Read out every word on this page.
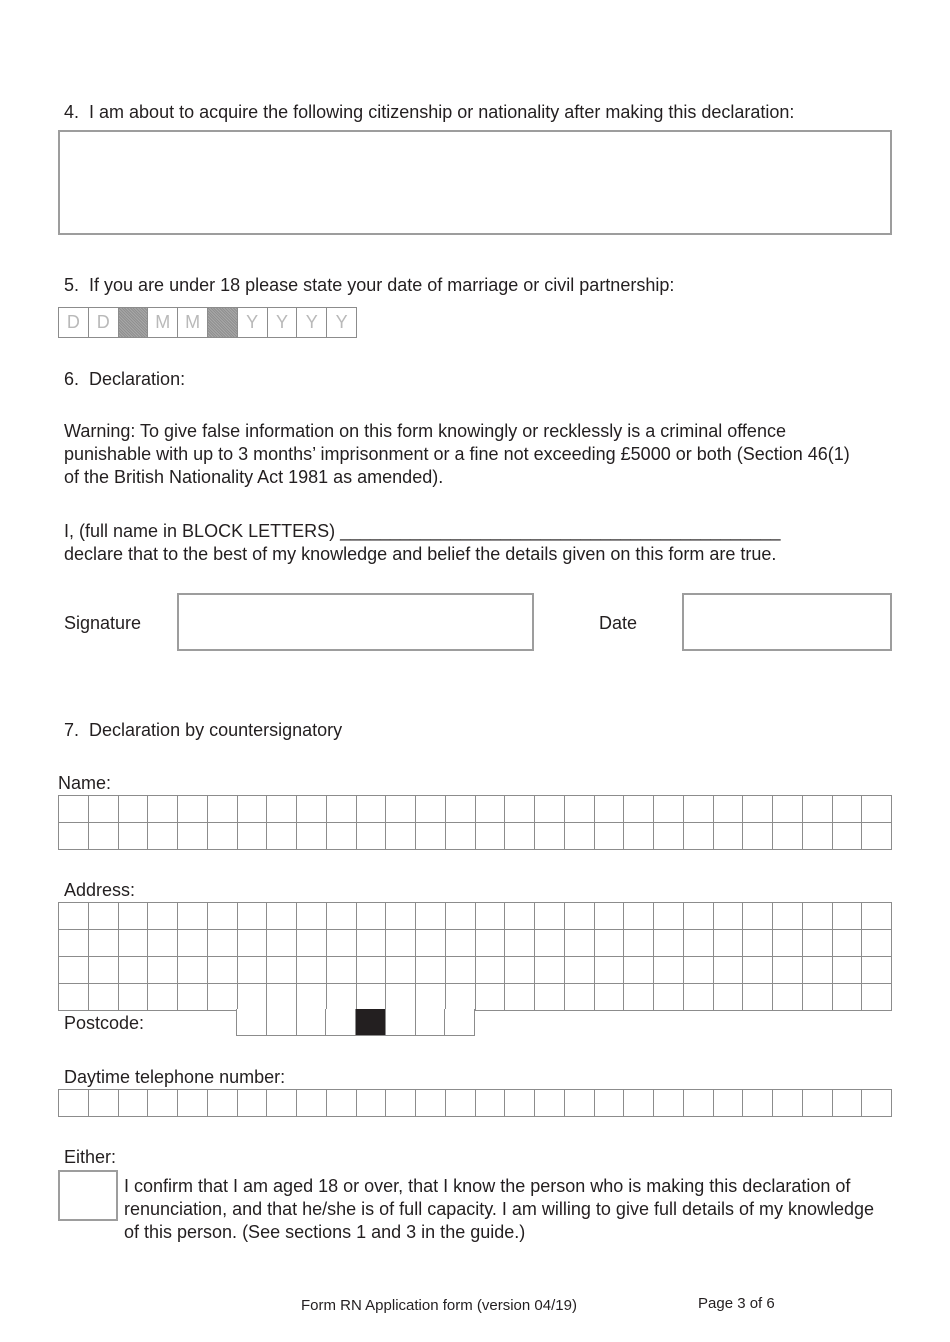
4. I am about to acquire the following citizenship or nationality after making this declaration:
5. If you are under 18 please state your date of marriage or civil partnership:
D D	M M	Y Y Y Y
6. Declaration:
Warning: To give false information on this form knowingly or recklessly is a criminal offence punishable with up to 3 months’ imprisonment or a fine not exceeding £5000 or both (Section 46(1) of the British Nationality Act 1981 as amended).
I, (full name in BLOCK LETTERS) ____________________________________________
declare that to the best of my knowledge and belief the details given on this form are true.
Signature	Date
7. Declaration by countersignatory
Name:
Address:
Postcode:
Daytime telephone number:
Either:
I confirm that I am aged 18 or over, that I know the person who is making this declaration of renunciation, and that he/she is of full capacity. I am willing to give full details of my knowledge of this person. (See sections 1 and 3 in the guide.)
Form RN Application form (version 04/19)	Page 3 of 6
